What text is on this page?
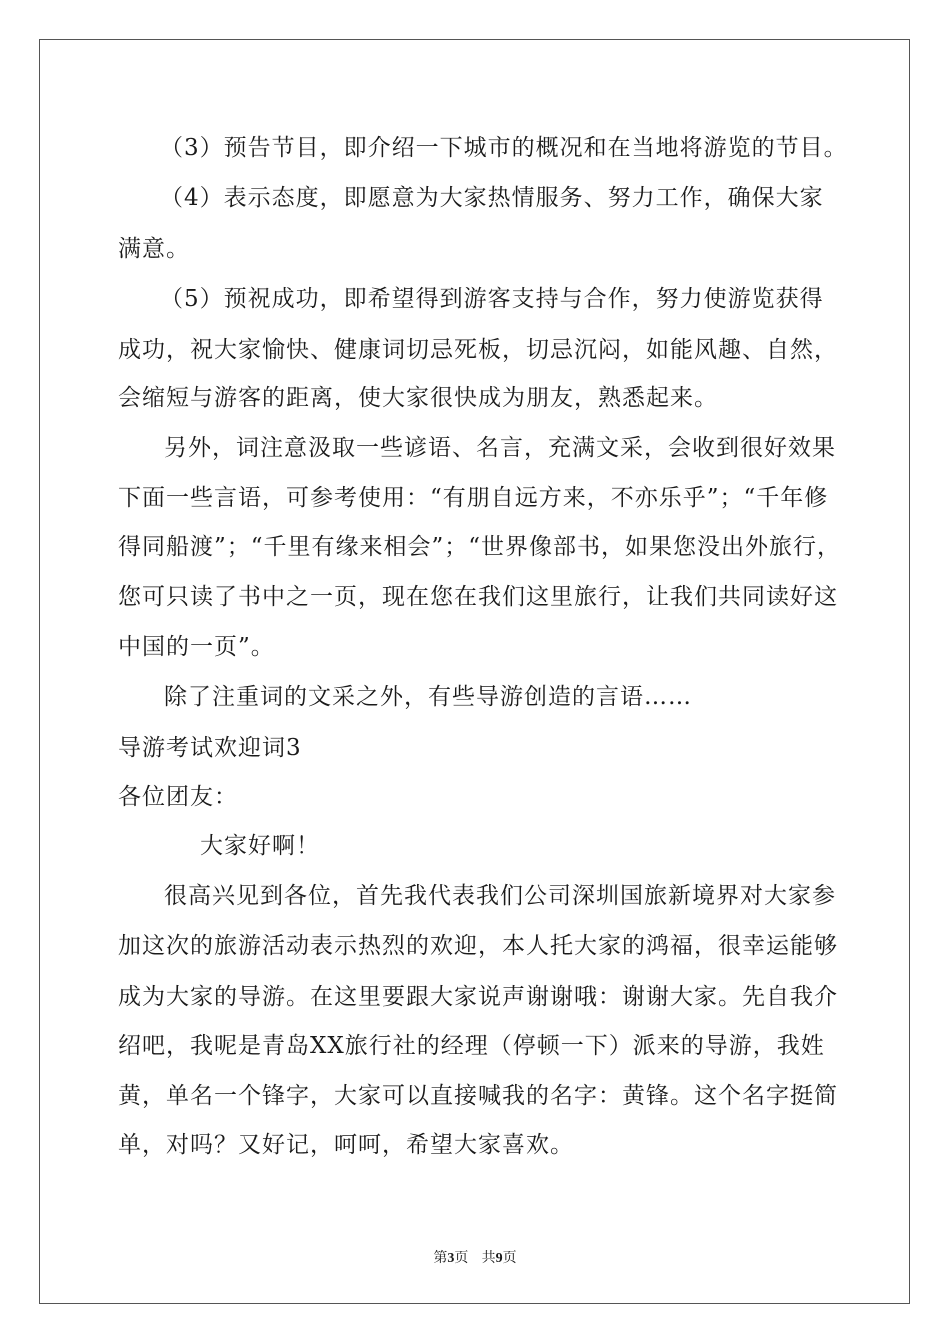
（3）预告节目，即介绍一下城市的概况和在当地将游览的节目。
（4）表示态度，即愿意为大家热情服务、努力工作，确保大家
满意。
（5）预祝成功，即希望得到游客支持与合作，努力使游览获得
成功，祝大家愉快、健康词切忌死板，切忌沉闷，如能风趣、自然，
会缩短与游客的距离，使大家很快成为朋友，熟悉起来。
另外，词注意汲取一些谚语、名言，充满文采，会收到很好效果
下面一些言语，可参考使用：“有朋自远方来，不亦乐乎”；“千年修
得同船渡”；“千里有缘来相会”；“世界像部书，如果您没出外旅行，
您可只读了书中之一页，现在您在我们这里旅行，让我们共同读好这
中国的一页”。
除了注重词的文采之外，有些导游创造的言语……
导游考试欢迎词3
各位团友：
大家好啊！
很高兴见到各位，首先我代表我们公司深圳国旅新境界对大家参
加这次的旅游活动表示热烈的欢迎，本人托大家的鸿福，很幸运能够
成为大家的导游。在这里要跟大家说声谢谢哦：谢谢大家。先自我介
绍吧，我呢是青岛XX旅行社的经理（停顿一下）派来的导游，我姓
黄，单名一个锋字，大家可以直接喊我的名字：黄锋。这个名字挺简
单，对吗？又好记，呵呵，希望大家喜欢。
第3页 共9页
